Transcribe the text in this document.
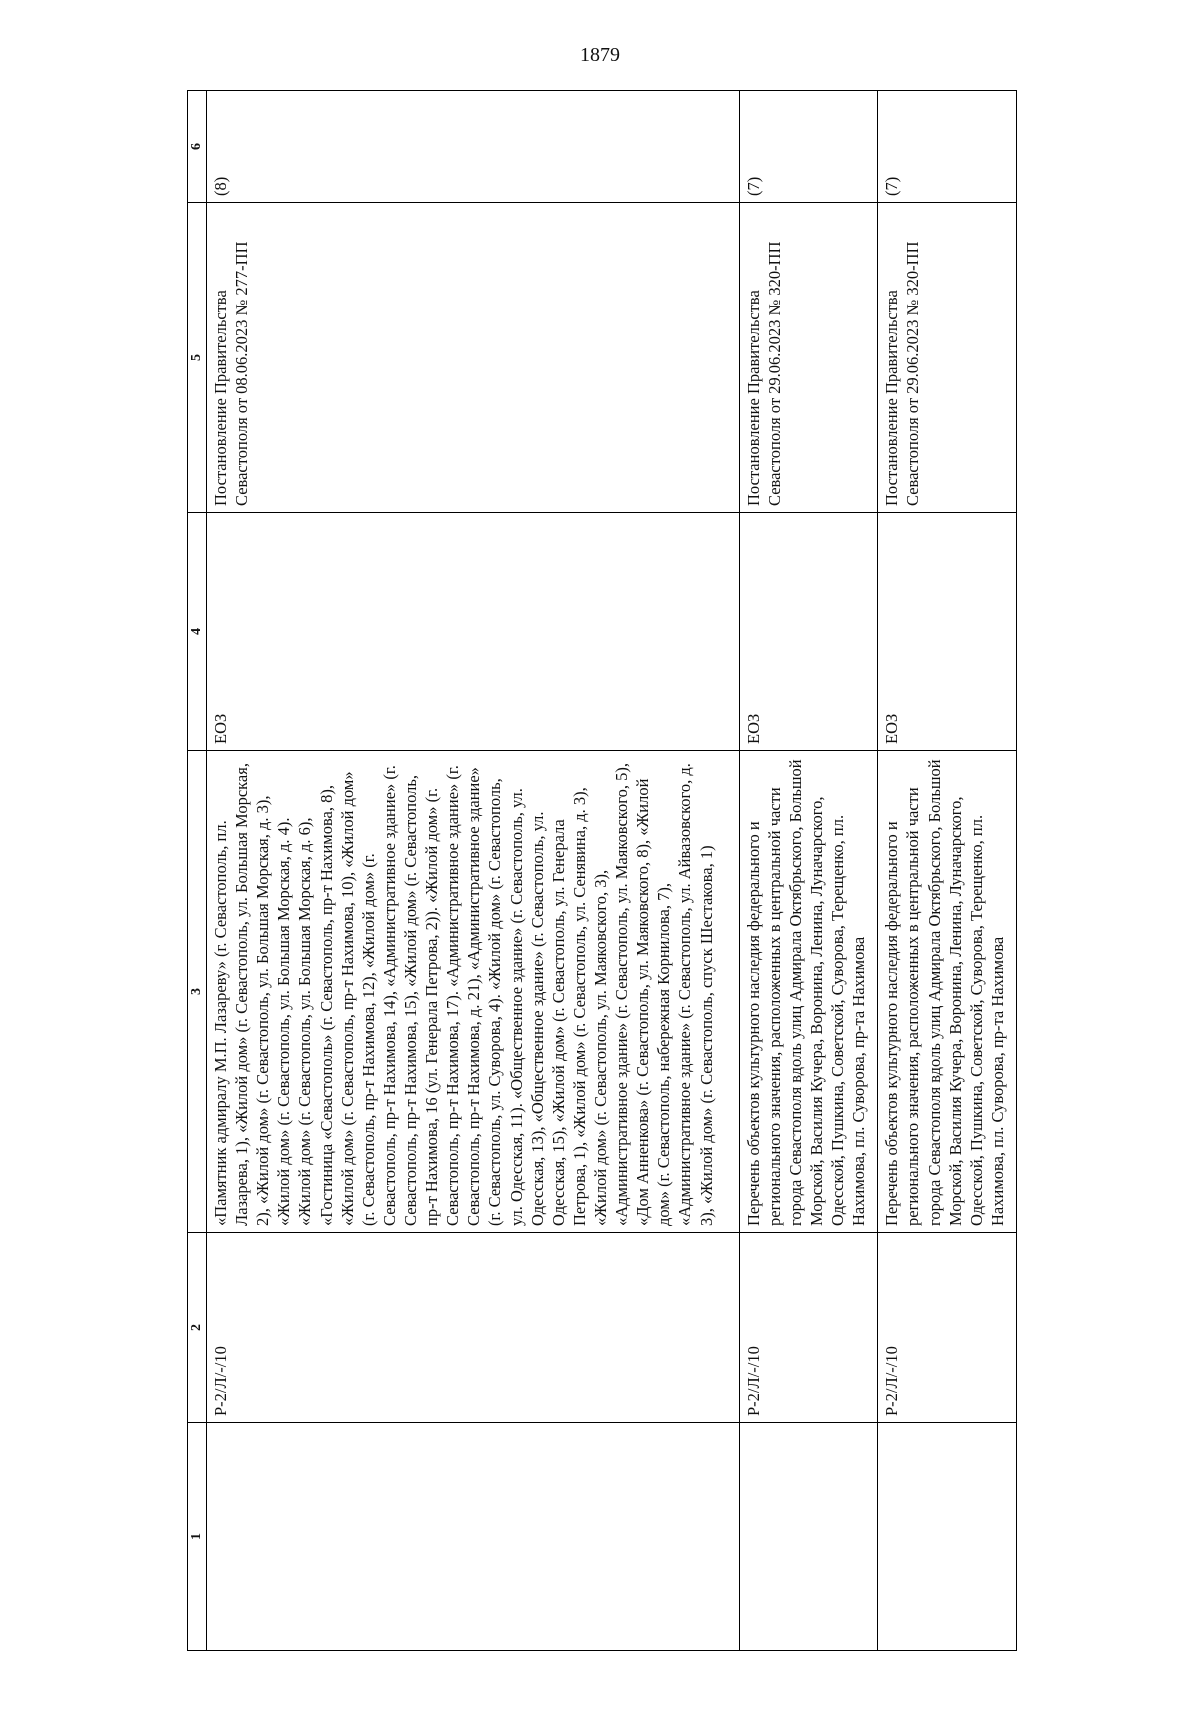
1879
1	2	3	4	5	6
	Р-2/Л/-/10	«Памятник адмиралу М.П. Лазареву» (г. Севастополь, пл. Лазарева, 1), «Жилой дом» (г. Севастополь, ул. Большая Морская, 2), «Жилой дом» (г. Севастополь, ул. Большая Морская, д. 3), «Жилой дом» (г. Севастополь, ул. Большая Морская, д. 4). «Жилой дом» (г. Севастополь, ул. Большая Морская, д. 6), «Гостиница «Севастополь» (г. Севастополь, пр-т Нахимова, 8), «Жилой дом» (г. Севастополь, пр-т Нахимова, 10), «Жилой дом» (г. Севастополь, пр-т Нахимова, 12), «Жилой дом» (г. Севастополь, пр-т Нахимова, 14), «Административное здание» (г. Севастополь, пр-т Нахимова, 15), «Жилой дом» (г. Севастополь, пр-т Нахимова, 16 (ул. Генерала Петрова, 2)). «Жилой дом» (г. Севастополь, пр-т Нахимова, 17). «Административное здание» (г. Севастополь, пр-т Нахимова, д. 21), «Административное здание» (г. Севастополь, ул. Суворова, 4). «Жилой дом» (г. Севастополь, ул. Одесская, 11). «Общественное здание» (г. Севастополь, ул. Одесская, 13), «Общественное здание» (г. Севастополь, ул. Одесская, 15), «Жилой дом» (г. Севастополь, ул. Генерала Петрова, 1), «Жилой дом» (г. Севастополь, ул. Сенявина, д. 3), «Жилой дом» (г. Севастополь, ул. Маяковского, 3), «Административное здание» (г. Севастополь, ул. Маяковского, 5), «Дом Анненкова» (г. Севастополь, ул. Маяковского, 8), «Жилой дом» (г. Севастополь, набережная Корнилова, 7), «Административное здание» (г. Севастополь, ул. Айвазовского, д. 3), «Жилой дом» (г. Севастополь, спуск Шестакова, 1)	ЕОЗ	Постановление Правительства Севастополя от 08.06.2023 № 277-ПП	(8)
	Р-2/Л/-/10	Перечень объектов культурного наследия федерального и регионального значения, расположенных в центральной части города Севастополя вдоль улиц Адмирала Октябрьского, Большой Морской, Василия Кучера, Воронина, Ленина, Луначарского, Одесской, Пушкина, Советской, Суворова, Терещенко, пл. Нахимова, пл. Суворова, пр-та Нахимова	ЕОЗ	Постановление Правительства Севастополя от 29.06.2023 № 320-ПП	(7)
	Р-2/Л/-/10	Перечень объектов культурного наследия федерального и регионального значения, расположенных в центральной части города Севастополя вдоль улиц Адмирала Октябрьского, Большой Морской, Василия Кучера, Воронина, Ленина, Луначарского, Одесской, Пушкина, Советской, Суворова, Терещенко, пл. Нахимова, пл. Суворова, пр-та Нахимова	ЕОЗ	Постановление Правительства Севастополя от 29.06.2023 № 320-ПП	(7)
